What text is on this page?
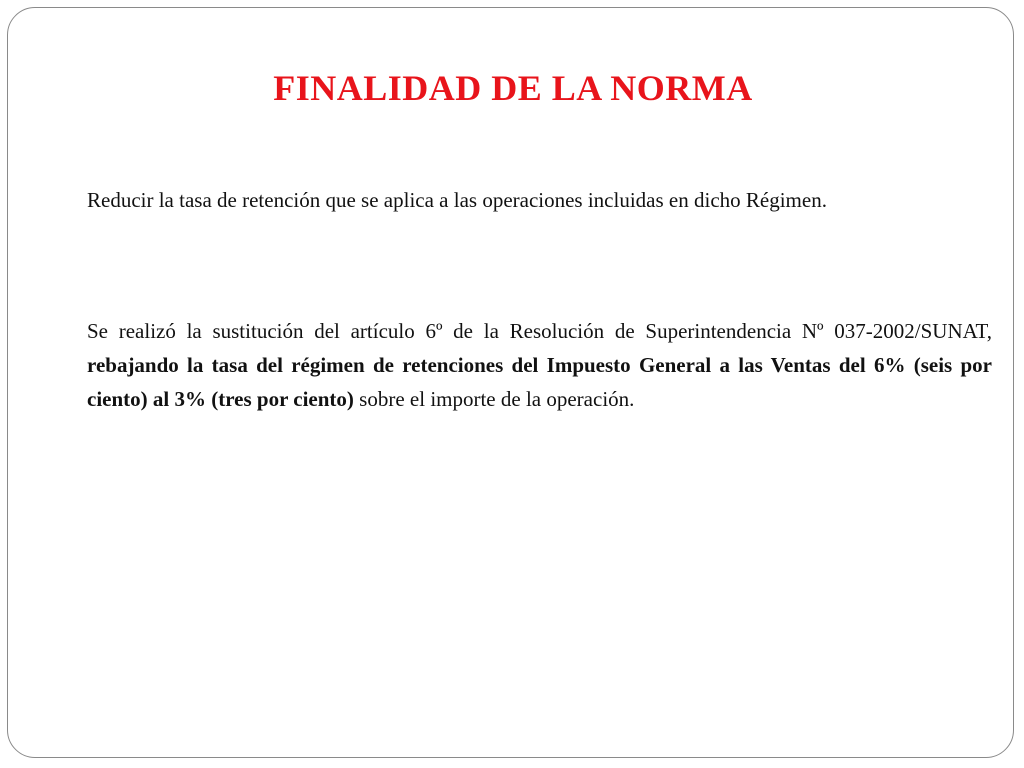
FINALIDAD DE LA NORMA

Reducir la tasa de retención que se aplica a las operaciones incluidas en dicho Régimen.

Se realizó la sustitución del artículo 6º de la Resolución de Superintendencia Nº 037-2002/SUNAT, rebajando la tasa del régimen de retenciones del Impuesto General a las Ventas del 6% (seis por ciento) al 3% (tres por ciento) sobre el importe de la operación.
